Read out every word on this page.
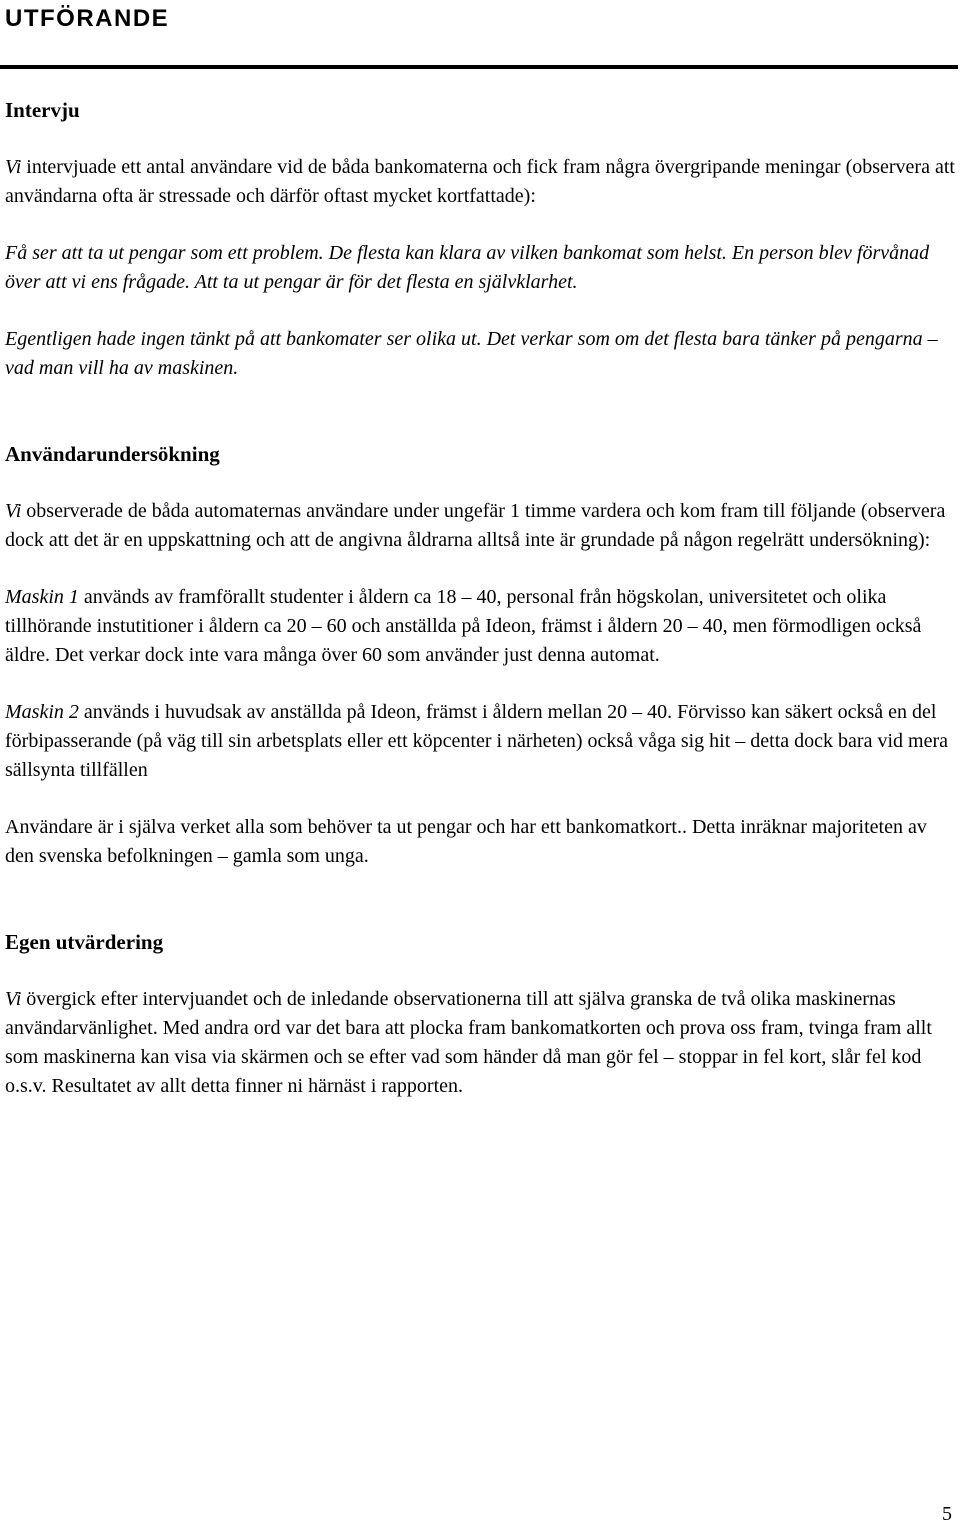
UTFÖRANDE
Intervju

Vi intervjuade ett antal användare vid de båda bankomaterna och fick fram några övergripande meningar (observera att användarna ofta är stressade och därför oftast mycket kortfattade):

Få ser att ta ut pengar som ett problem. De flesta kan klara av vilken bankomat som helst. En person blev förvånad över att vi ens frågade. Att ta ut pengar är för det flesta en självklarhet.

Egentligen hade ingen tänkt på att bankomater ser olika ut. Det verkar som om det flesta bara tänker på pengarna – vad man vill ha av maskinen.

Användarundersökning

Vi observerade de båda automaternas användare under ungefär 1 timme vardera och kom fram till följande (observera dock att det är en uppskattning och att de angivna åldrarna alltså inte är grundade på någon regelrätt undersökning):

Maskin 1 används av framförallt studenter i åldern ca 18 – 40, personal från högskolan, universitetet och olika tillhörande instutitioner i åldern ca 20 – 60 och anställda på Ideon, främst i åldern 20 – 40, men förmodligen också äldre. Det verkar dock inte vara många över 60 som använder just denna automat.

Maskin 2 används i huvudsak av anställda på Ideon, främst i åldern mellan 20 – 40. Förvisso kan säkert också en del förbipasserande (på väg till sin arbetsplats eller ett köpcenter i närheten) också våga sig hit – detta dock bara vid mera sällsynta tillfällen

Användare är i själva verket alla som behöver ta ut pengar och har ett bankomatkort.. Detta inräknar majoriteten av den svenska befolkningen – gamla som unga.

Egen utvärdering

Vi övergick efter intervjuandet och de inledande observationerna till att själva granska de två olika maskinernas användarvänlighet. Med andra ord var det bara att plocka fram bankomatkorten och prova oss fram, tvinga fram allt som maskinerna kan visa via skärmen och se efter vad som händer då man gör fel – stoppar in fel kort, slår fel kod o.s.v. Resultatet av allt detta finner ni härnäst i rapporten.

5
